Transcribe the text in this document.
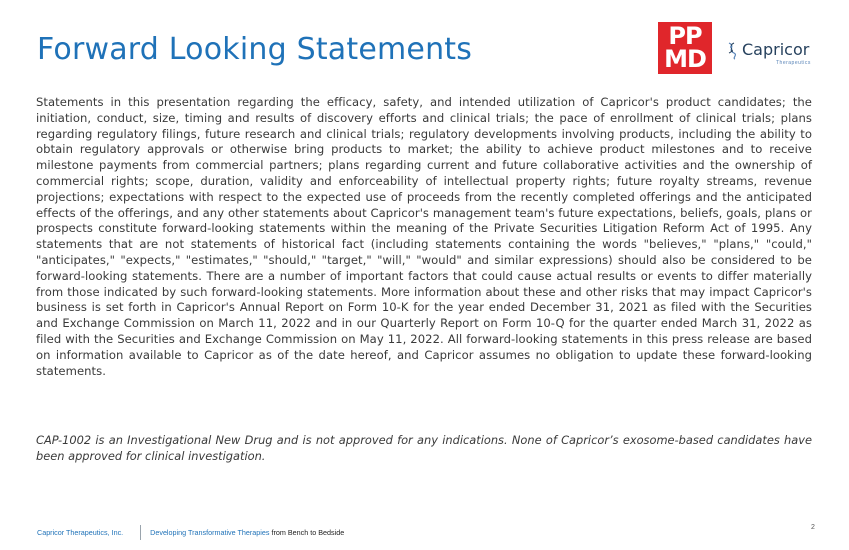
Forward Looking Statements	PP
MD Capricor
Therapeutics

Statements in this presentation regarding the efficacy, safety, and intended utilization of Capricor's product candidates; the initiation, conduct, size, timing and results of discovery efforts and clinical trials; the pace of enrollment of clinical trials; plans regarding regulatory filings, future research and clinical trials; regulatory developments involving products, including the ability to obtain regulatory approvals or otherwise bring products to market; the ability to achieve product milestones and to receive milestone payments from commercial partners; plans regarding current and future collaborative activities and the ownership of commercial rights; scope, duration, validity and enforceability of intellectual property rights; future royalty streams, revenue projections; expectations with respect to the expected use of proceeds from the recently completed offerings and the anticipated effects of the offerings, and any other statements about Capricor's management team's future expectations, beliefs, goals, plans or prospects constitute forward-looking statements within the meaning of the Private Securities Litigation Reform Act of 1995. Any statements that are not statements of historical fact (including statements containing the words "believes," "plans," "could," "anticipates," "expects," "estimates," "should," "target," "will," "would" and similar expressions) should also be considered to be forward-looking statements. There are a number of important factors that could cause actual results or events to differ materially from those indicated by such forward-looking statements. More information about these and other risks that may impact Capricor's business is set forth in Capricor's Annual Report on Form 10-K for the year ended December 31, 2021 as filed with the Securities and Exchange Commission on March 11, 2022 and in our Quarterly Report on Form 10-Q for the quarter ended March 31, 2022 as filed with the Securities and Exchange Commission on May 11, 2022. All forward-looking statements in this press release are based on information available to Capricor as of the date hereof, and Capricor assumes no obligation to update these forward-looking statements.

CAP-1002 is an Investigational New Drug and is not approved for any indications. None of Capricor’s exosome-based candidates have been approved for clinical investigation.

Capricor Therapeutics, Inc.	Developing Transformative Therapies from Bench to Bedside
2
